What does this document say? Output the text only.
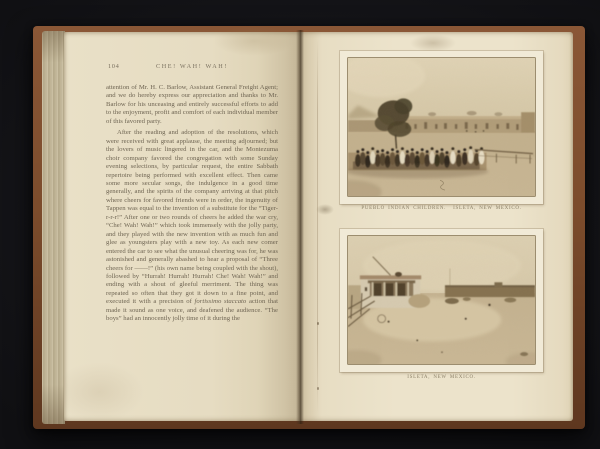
104	CHE! WAH! WAH!

attention of Mr. H. C. Barlow, Assistant General Freight Agent; and we do hereby express our appreciation and thanks to Mr. Barlow for his unceasing and entirely successful efforts to add to the enjoyment, profit and comfort of each individual member of this favored party.

After the reading and adoption of the resolutions, which were received with great applause, the meeting adjourned; but the lovers of music lingered in the car, and the Montezuma choir company favored the congregation with some Sunday evening selections, by particular request, the entire Sabbath repertoire being performed with excellent effect. Then came some more secular songs, the indulgence in a good time generally, and the spirits of the company arriving at that pitch where cheers for favored friends were in order, the ingenuity of Tappen was equal to the invention of a substitute for the “Tiger-r-r-r!” After one or two rounds of cheers he added the war cry, “Che! Wah! Wah!” which took immensely with the jolly party, and they played with the new invention with as much fun and glee as youngsters play with a new toy. As each new comer entered the car to see what the unusual cheering was for, he was astonished and generally abashed to hear a proposal of “Three cheers for ——!” (his own name being coupled with the shout), followed by “Hurrah! Hurrah! Hurrah! Che! Wah! Wah!” and ending with a shout of gleeful merriment. The thing was repeated so often that they got it down to a fine point, and executed it with a precision of fortissimo staccato action that made it sound as one voice, and deafened the audience. “The boys” had an innocently jolly time of it during the

PUEBLO INDIAN CHILDREN. ISLETA, NEW MEXICO.
ISLETA, NEW MEXICO.
